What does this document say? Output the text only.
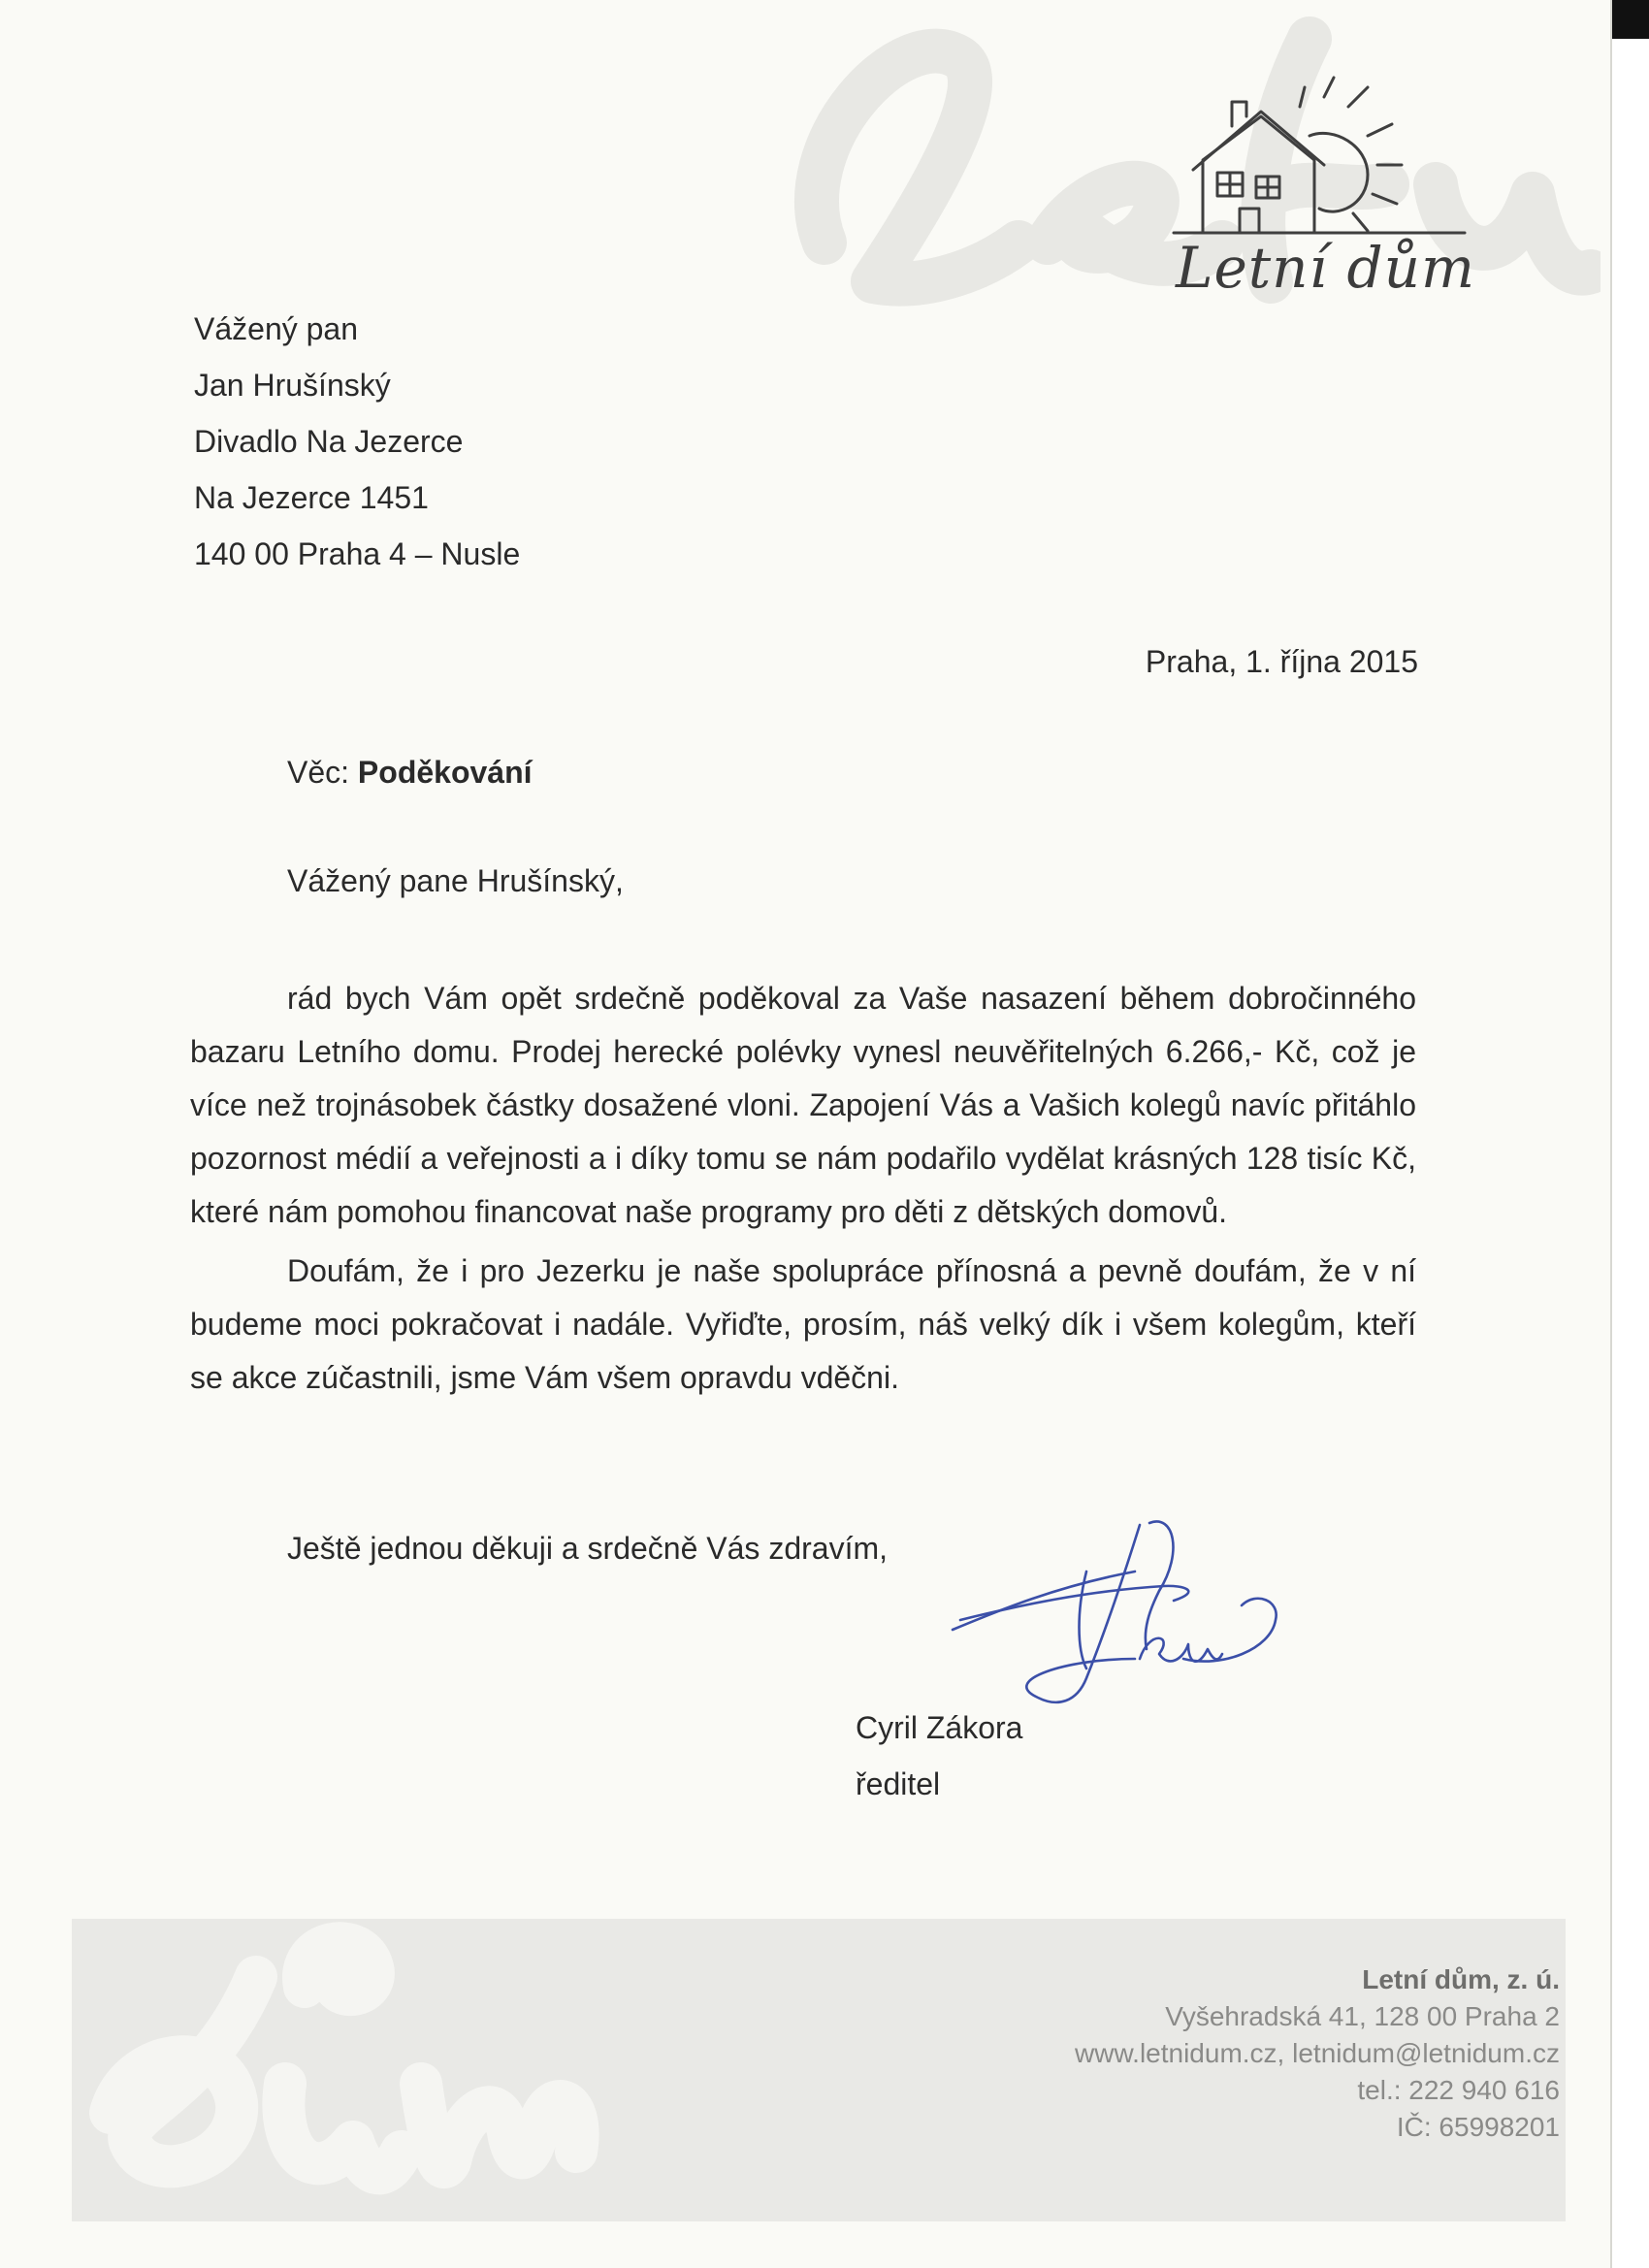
Letní dům
Vážený pan
Jan Hrušínský
Divadlo Na Jezerce
Na Jezerce 1451
140 00 Praha 4 – Nusle
Praha, 1. října 2015
Věc: Poděkování
Vážený pane Hrušínský,

rád bych Vám opět srdečně poděkoval za Vaše nasazení během dobročinného bazaru Letního domu. Prodej herecké polévky vynesl neuvěřitelných 6.266,- Kč, což je více než trojnásobek částky dosažené vloni. Zapojení Vás a Vašich kolegů navíc přitáhlo pozornost médií a veřejnosti a i díky tomu se nám podařilo vydělat krásných 128 tisíc Kč, které nám pomohou financovat naše programy pro děti z dětských domovů.

Doufám, že i pro Jezerku je naše spolupráce přínosná a pevně doufám, že v ní budeme moci pokračovat i nadále. Vyřiďte, prosím, náš velký dík i všem kolegům, kteří se akce zúčastnili, jsme Vám všem opravdu vděčni.

Ještě jednou děkuji a srdečně Vás zdravím,
Cyril Zákora
ředitel
Letní dům, z. ú.
Vyšehradská 41, 128 00 Praha 2
www.letnidum.cz, letnidum@letnidum.cz
tel.: 222 940 616
IČ: 65998201
